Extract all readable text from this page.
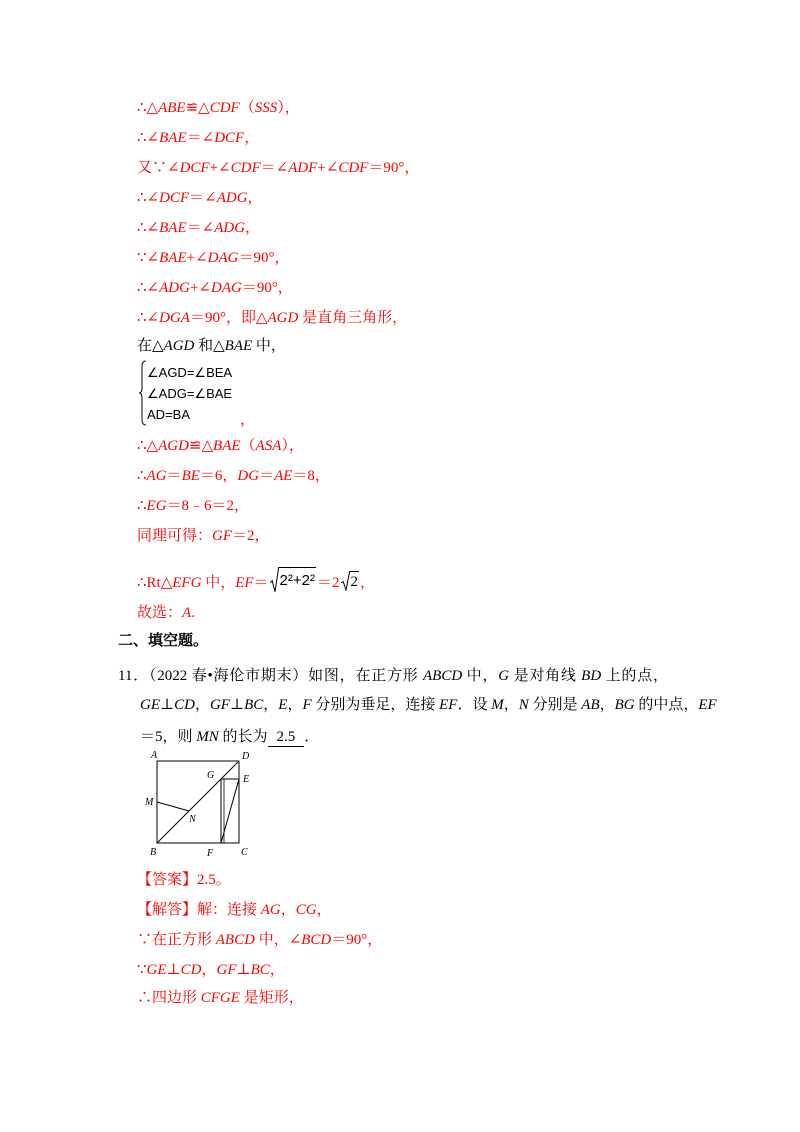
∴△ABE≌△CDF（SSS），
∴∠BAE＝∠DCF，
又∵∠DCF+∠CDF＝∠ADF+∠CDF＝90°，
∴∠DCF＝∠ADG，
∴∠BAE＝∠ADG，
∵∠BAE+∠DAG＝90°，
∴∠ADG+∠DAG＝90°，
∴∠DGA＝90°，即△AGD 是直角三角形，
在△AGD 和△BAE 中，
∠AGD=∠BEA
∠ADG=∠BAE
AD=BA	，
∴△AGD≌△BAE（ASA），
∴AG＝BE＝6，DG＝AE＝8，
∴EG＝8﹣6＝2，
同理可得：GF＝2，
∴Rt△EFG 中，EF＝ 2²+2² ＝2 2 ，
故选：A.
二、填空题。
11．（2022 春•海伦市期末）如图，在正方形 ABCD 中，G 是对角线 BD 上的点，
GE⊥CD，GF⊥BC，E，F 分别为垂足，连接 EF．设 M，N 分别是 AB，BG 的中点，EF
＝5，则 MN 的长为 2.5 ．
A	D
G	E
M
N
B	F	C
【答案】2.5。
【解答】解：连接 AG，CG，
∵在正方形 ABCD 中，∠BCD＝90°，
∵GE⊥CD，GF⊥BC，
∴四边形 CFGE 是矩形，
